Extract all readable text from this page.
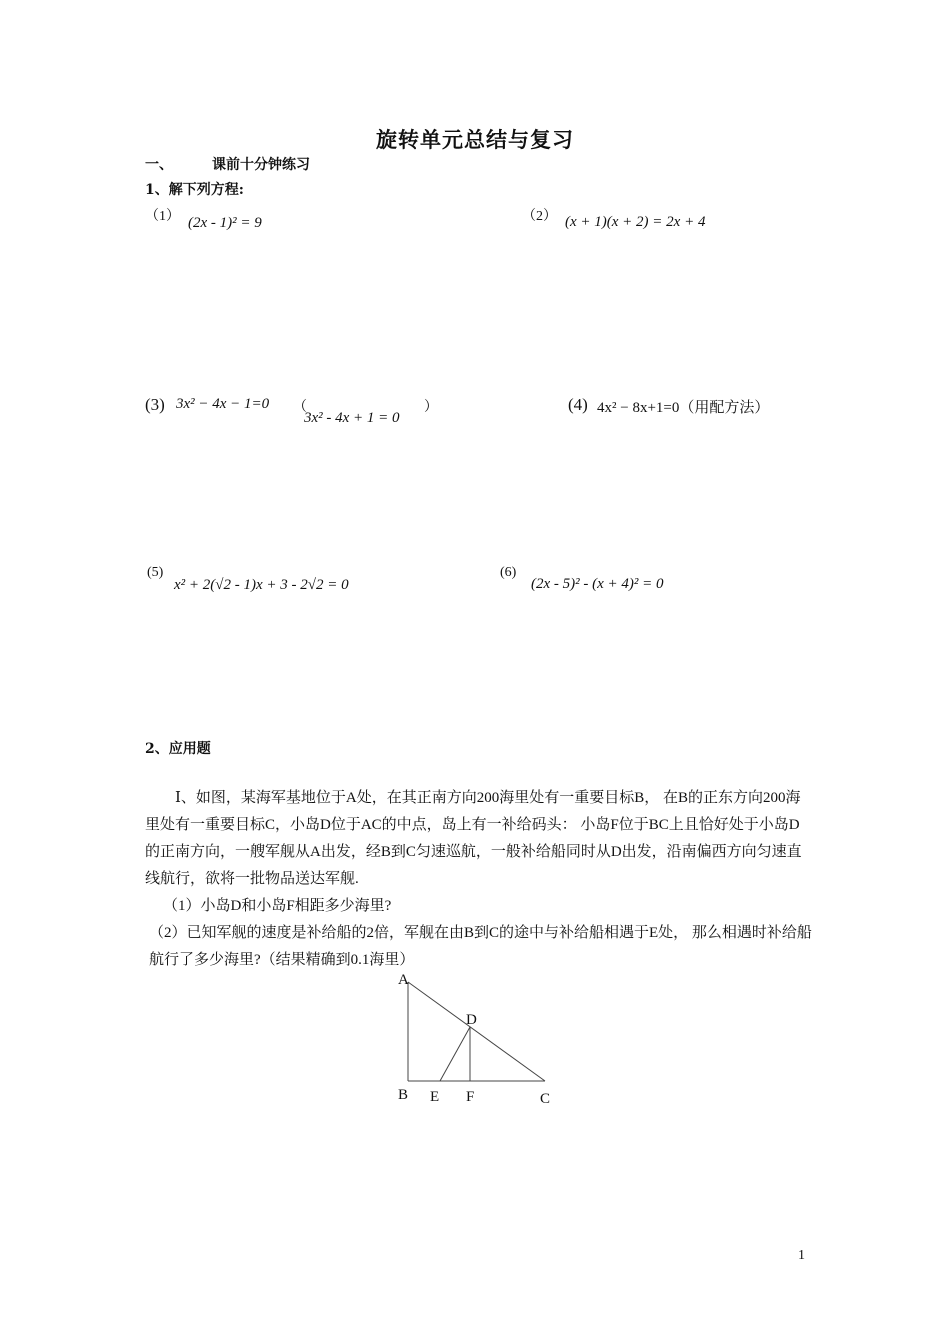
旋转单元总结与复习
一、	课前十分钟练习
1、解下列方程:
（1） (2x - 1)² = 9	（2） (x + 1)(x + 2) = 2x + 4
(3) 3x² − 4x − 1=0 （
3x² - 4x + 1 = 0
）	(4) 4x² − 8x+1=0（用配方法）
(5)
x² + 2(√2 - 1)x + 3 - 2√2 = 0
(6)
(2x - 5)² - (x + 4)² = 0
2、应用题

Ⅰ、如图，某海军基地位于A处，在其正南方向200海里处有一重要目标B， 在B的正东方向200海里处有一重要目标C，小岛D位于AC的中点，岛上有一补给码头： 小岛F位于BC上且恰好处于小岛D的正南方向，一艘军舰从A出发，经B到C匀速巡航，一般补给船同时从D出发，沿南偏西方向匀速直线航行，欲将一批物品送达军舰.

（1）小岛D和小岛F相距多少海里?

（2）已知军舰的速度是补给船的2倍，军舰在由B到C的途中与补给船相遇于E处， 那么相遇时补给船航行了多少海里?（结果精确到0.1海里）

A
D
B E F	C
1
